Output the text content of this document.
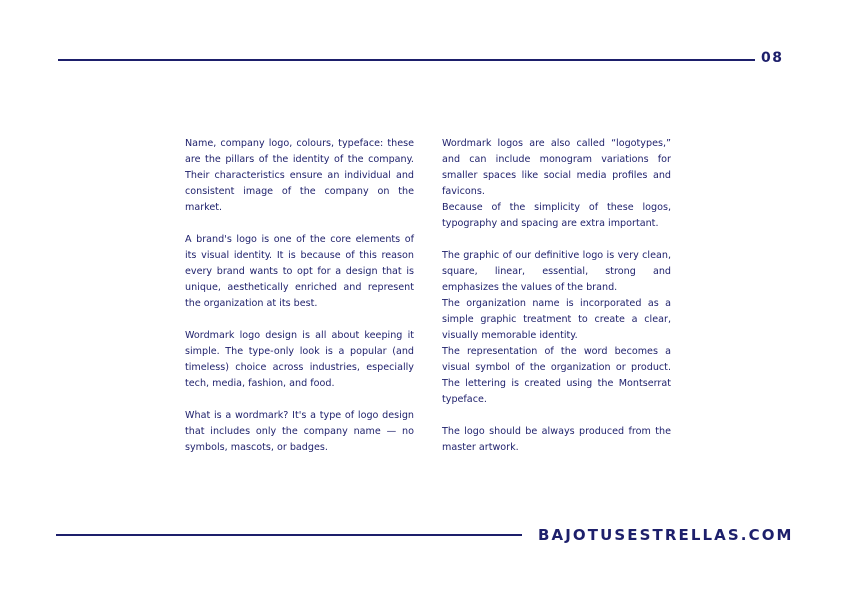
08

Name, company logo, colours, typeface: these are the pillars of the identity of the company. Their characteristics ensure an individual and consistent image of the company on the market.

A brand's logo is one of the core elements of its visual identity. It is because of this reason every brand wants to opt for a design that is unique, aesthetically enriched and represent the organization at its best.

Wordmark logo design is all about keeping it simple. The type-only look is a popular (and timeless) choice across industries, especially tech, media, fashion, and food.

What is a wordmark? It's a type of logo design that includes only the company name — no symbols, mascots, or badges.

Wordmark logos are also called “logotypes,” and can include monogram variations for smaller spaces like social media profiles and favicons.

Because of the simplicity of these logos, typography and spacing are extra important.

The graphic of our definitive logo is very clean, square, linear, essential, strong and emphasizes the values of the brand.

The organization name is incorporated as a simple graphic treatment to create a clear, visually memorable identity.

The representation of the word becomes a visual symbol of the organization or product. The lettering is created using the Montserrat typeface.

The logo should be always produced from the master artwork.

BAJOTUSESTRELLAS.COM
